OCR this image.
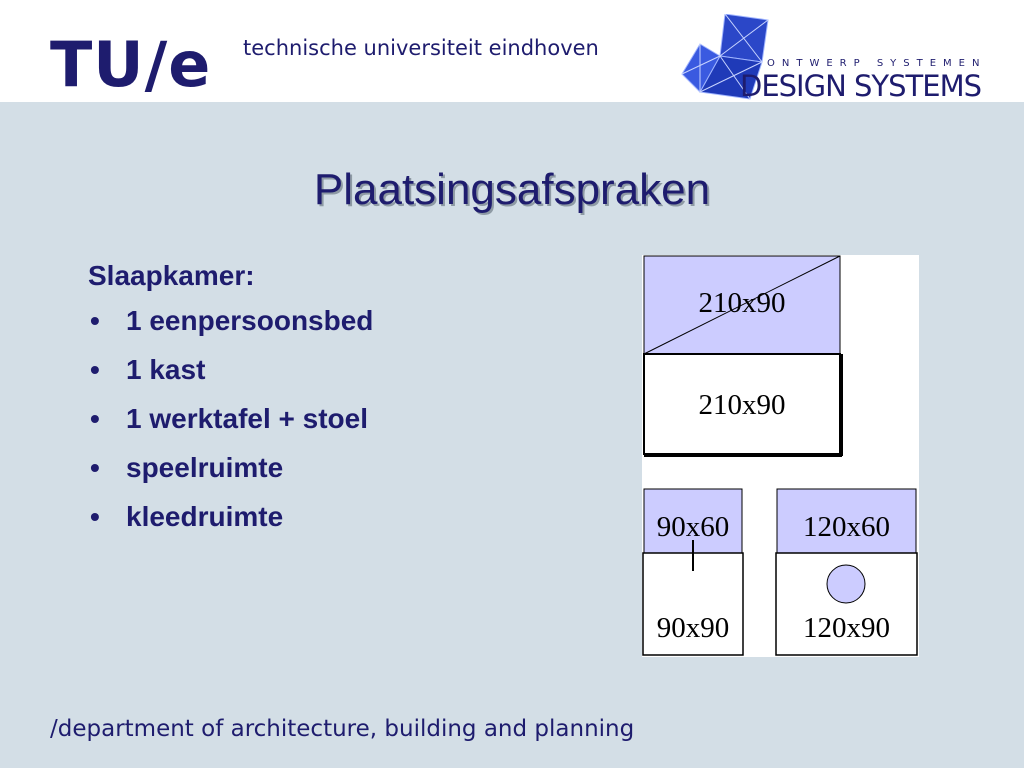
TU/e technische universiteit eindhoven
ONTWERP SYSTEMEN
DESIGN SYSTEMS
Plaatsingsafspraken
Slaapkamer:
• 1 eenpersoonsbed
• 1 kast
• 1 werktafel + stoel
• speelruimte
• kleedruimte
210x90
210x90
90x60
90x90
120x60
120x90
/department of architecture, building and planning
